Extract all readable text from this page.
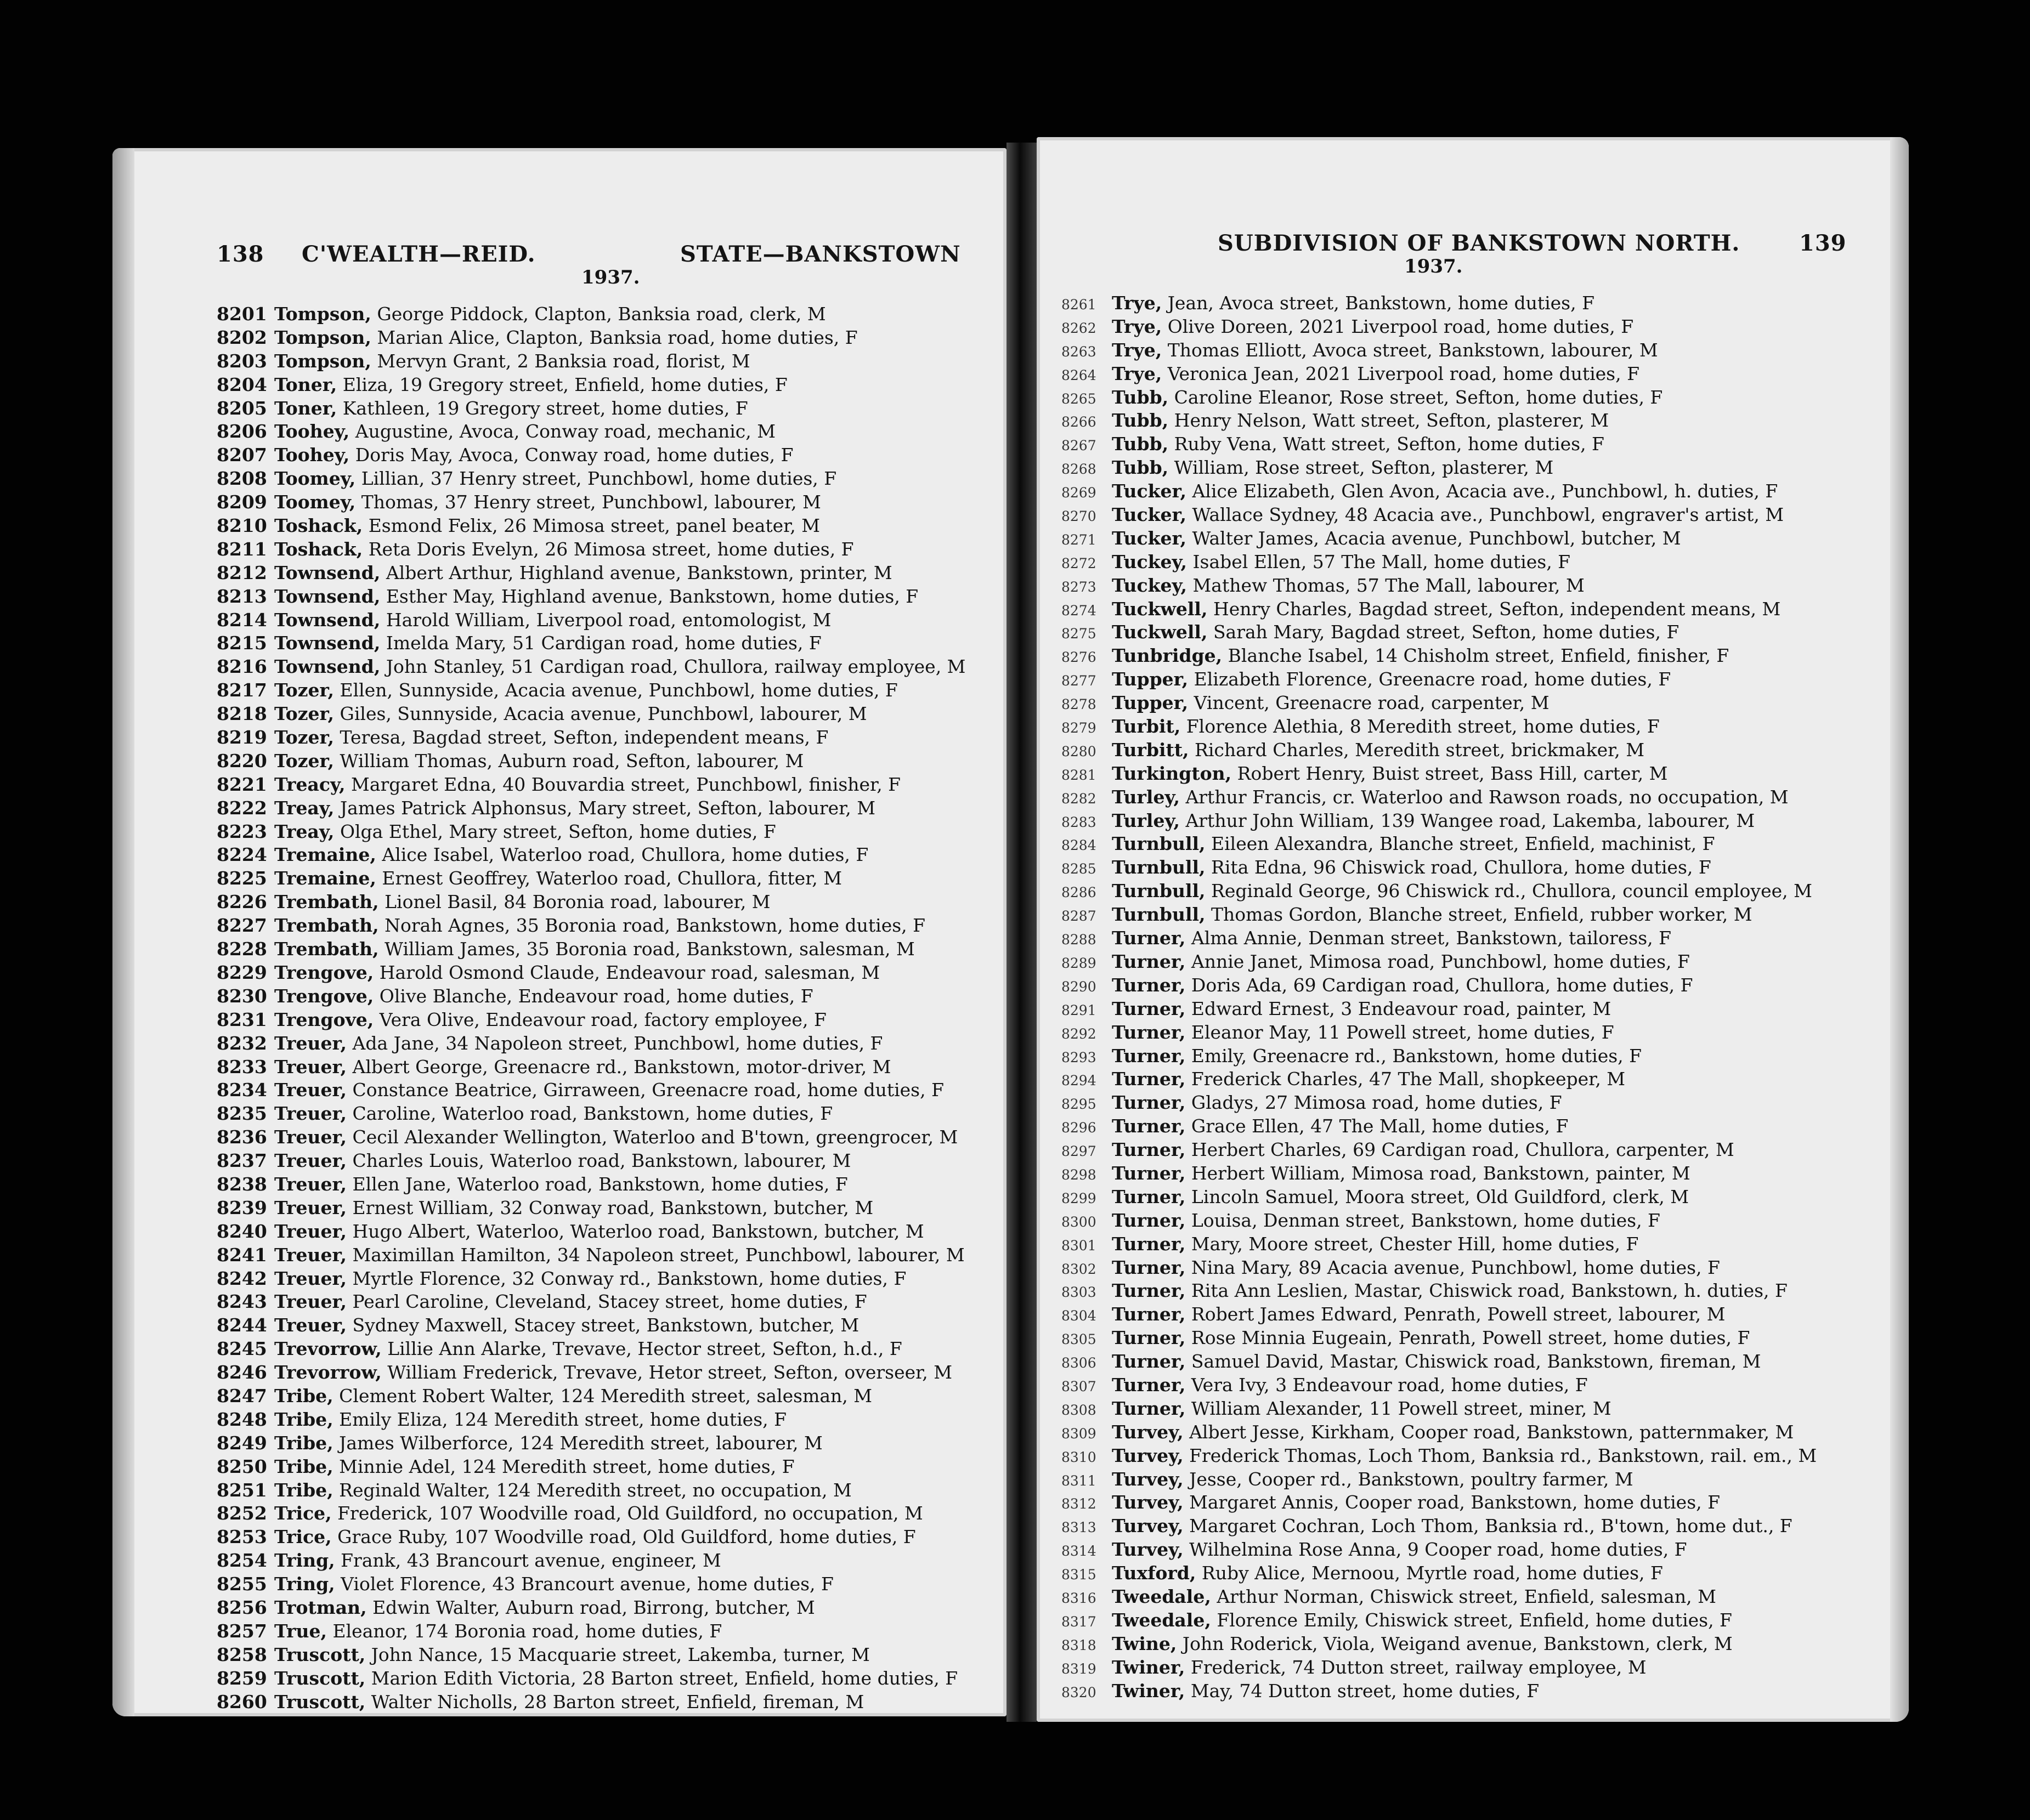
138 C'WEALTH—REID.	STATE—BANKSTOWN
1937.
8201 Tompson, George Piddock, Clapton, Banksia road, clerk, M
8202 Tompson, Marian Alice, Clapton, Banksia road, home duties, F
8203 Tompson, Mervyn Grant, 2 Banksia road, florist, M
8204 Toner, Eliza, 19 Gregory street, Enfield, home duties, F
8205 Toner, Kathleen, 19 Gregory street, home duties, F
8206 Toohey, Augustine, Avoca, Conway road, mechanic, M
8207 Toohey, Doris May, Avoca, Conway road, home duties, F
8208 Toomey, Lillian, 37 Henry street, Punchbowl, home duties, F
8209 Toomey, Thomas, 37 Henry street, Punchbowl, labourer, M
8210 Toshack, Esmond Felix, 26 Mimosa street, panel beater, M
8211 Toshack, Reta Doris Evelyn, 26 Mimosa street, home duties, F
8212 Townsend, Albert Arthur, Highland avenue, Bankstown, printer, M
8213 Townsend, Esther May, Highland avenue, Bankstown, home duties, F
8214 Townsend, Harold William, Liverpool road, entomologist, M
8215 Townsend, Imelda Mary, 51 Cardigan road, home duties, F
8216 Townsend, John Stanley, 51 Cardigan road, Chullora, railway employee, M
8217 Tozer, Ellen, Sunnyside, Acacia avenue, Punchbowl, home duties, F
8218 Tozer, Giles, Sunnyside, Acacia avenue, Punchbowl, labourer, M
8219 Tozer, Teresa, Bagdad street, Sefton, independent means, F
8220 Tozer, William Thomas, Auburn road, Sefton, labourer, M
8221 Treacy, Margaret Edna, 40 Bouvardia street, Punchbowl, finisher, F
8222 Treay, James Patrick Alphonsus, Mary street, Sefton, labourer, M
8223 Treay, Olga Ethel, Mary street, Sefton, home duties, F
8224 Tremaine, Alice Isabel, Waterloo road, Chullora, home duties, F
8225 Tremaine, Ernest Geoffrey, Waterloo road, Chullora, fitter, M
8226 Trembath, Lionel Basil, 84 Boronia road, labourer, M
8227 Trembath, Norah Agnes, 35 Boronia road, Bankstown, home duties, F
8228 Trembath, William James, 35 Boronia road, Bankstown, salesman, M
8229 Trengove, Harold Osmond Claude, Endeavour road, salesman, M
8230 Trengove, Olive Blanche, Endeavour road, home duties, F
8231 Trengove, Vera Olive, Endeavour road, factory employee, F
8232 Treuer, Ada Jane, 34 Napoleon street, Punchbowl, home duties, F
8233 Treuer, Albert George, Greenacre rd., Bankstown, motor-driver, M
8234 Treuer, Constance Beatrice, Girraween, Greenacre road, home duties, F
8235 Treuer, Caroline, Waterloo road, Bankstown, home duties, F
8236 Treuer, Cecil Alexander Wellington, Waterloo and B'town, greengrocer, M
8237 Treuer, Charles Louis, Waterloo road, Bankstown, labourer, M
8238 Treuer, Ellen Jane, Waterloo road, Bankstown, home duties, F
8239 Treuer, Ernest William, 32 Conway road, Bankstown, butcher, M
8240 Treuer, Hugo Albert, Waterloo, Waterloo road, Bankstown, butcher, M
8241 Treuer, Maximillan Hamilton, 34 Napoleon street, Punchbowl, labourer, M
8242 Treuer, Myrtle Florence, 32 Conway rd., Bankstown, home duties, F
8243 Treuer, Pearl Caroline, Cleveland, Stacey street, home duties, F
8244 Treuer, Sydney Maxwell, Stacey street, Bankstown, butcher, M
8245 Trevorrow, Lillie Ann Alarke, Trevave, Hector street, Sefton, h.d., F
8246 Trevorrow, William Frederick, Trevave, Hetor street, Sefton, overseer, M
8247 Tribe, Clement Robert Walter, 124 Meredith street, salesman, M
8248 Tribe, Emily Eliza, 124 Meredith street, home duties, F
8249 Tribe, James Wilberforce, 124 Meredith street, labourer, M
8250 Tribe, Minnie Adel, 124 Meredith street, home duties, F
8251 Tribe, Reginald Walter, 124 Meredith street, no occupation, M
8252 Trice, Frederick, 107 Woodville road, Old Guildford, no occupation, M
8253 Trice, Grace Ruby, 107 Woodville road, Old Guildford, home duties, F
8254 Tring, Frank, 43 Brancourt avenue, engineer, M
8255 Tring, Violet Florence, 43 Brancourt avenue, home duties, F
8256 Trotman, Edwin Walter, Auburn road, Birrong, butcher, M
8257 True, Eleanor, 174 Boronia road, home duties, F
8258 Truscott, John Nance, 15 Macquarie street, Lakemba, turner, M
8259 Truscott, Marion Edith Victoria, 28 Barton street, Enfield, home duties, F
8260 Truscott, Walter Nicholls, 28 Barton street, Enfield, fireman, M
SUBDIVISION OF BANKSTOWN NORTH.	139
1937.
8261 Trye, Jean, Avoca street, Bankstown, home duties, F
8262 Trye, Olive Doreen, 2021 Liverpool road, home duties, F
8263 Trye, Thomas Elliott, Avoca street, Bankstown, labourer, M
8264 Trye, Veronica Jean, 2021 Liverpool road, home duties, F
8265 Tubb, Caroline Eleanor, Rose street, Sefton, home duties, F
8266 Tubb, Henry Nelson, Watt street, Sefton, plasterer, M
8267 Tubb, Ruby Vena, Watt street, Sefton, home duties, F
8268 Tubb, William, Rose street, Sefton, plasterer, M
8269 Tucker, Alice Elizabeth, Glen Avon, Acacia ave., Punchbowl, h. duties, F
8270 Tucker, Wallace Sydney, 48 Acacia ave., Punchbowl, engraver's artist, M
8271 Tucker, Walter James, Acacia avenue, Punchbowl, butcher, M
8272 Tuckey, Isabel Ellen, 57 The Mall, home duties, F
8273 Tuckey, Mathew Thomas, 57 The Mall, labourer, M
8274 Tuckwell, Henry Charles, Bagdad street, Sefton, independent means, M
8275 Tuckwell, Sarah Mary, Bagdad street, Sefton, home duties, F
8276 Tunbridge, Blanche Isabel, 14 Chisholm street, Enfield, finisher, F
8277 Tupper, Elizabeth Florence, Greenacre road, home duties, F
8278 Tupper, Vincent, Greenacre road, carpenter, M
8279 Turbit, Florence Alethia, 8 Meredith street, home duties, F
8280 Turbitt, Richard Charles, Meredith street, brickmaker, M
8281 Turkington, Robert Henry, Buist street, Bass Hill, carter, M
8282 Turley, Arthur Francis, cr. Waterloo and Rawson roads, no occupation, M
8283 Turley, Arthur John William, 139 Wangee road, Lakemba, labourer, M
8284 Turnbull, Eileen Alexandra, Blanche street, Enfield, machinist, F
8285 Turnbull, Rita Edna, 96 Chiswick road, Chullora, home duties, F
8286 Turnbull, Reginald George, 96 Chiswick rd., Chullora, council employee, M
8287 Turnbull, Thomas Gordon, Blanche street, Enfield, rubber worker, M
8288 Turner, Alma Annie, Denman street, Bankstown, tailoress, F
8289 Turner, Annie Janet, Mimosa road, Punchbowl, home duties, F
8290 Turner, Doris Ada, 69 Cardigan road, Chullora, home duties, F
8291 Turner, Edward Ernest, 3 Endeavour road, painter, M
8292 Turner, Eleanor May, 11 Powell street, home duties, F
8293 Turner, Emily, Greenacre rd., Bankstown, home duties, F
8294 Turner, Frederick Charles, 47 The Mall, shopkeeper, M
8295 Turner, Gladys, 27 Mimosa road, home duties, F
8296 Turner, Grace Ellen, 47 The Mall, home duties, F
8297 Turner, Herbert Charles, 69 Cardigan road, Chullora, carpenter, M
8298 Turner, Herbert William, Mimosa road, Bankstown, painter, M
8299 Turner, Lincoln Samuel, Moora street, Old Guildford, clerk, M
8300 Turner, Louisa, Denman street, Bankstown, home duties, F
8301 Turner, Mary, Moore street, Chester Hill, home duties, F
8302 Turner, Nina Mary, 89 Acacia avenue, Punchbowl, home duties, F
8303 Turner, Rita Ann Leslien, Mastar, Chiswick road, Bankstown, h. duties, F
8304 Turner, Robert James Edward, Penrath, Powell street, labourer, M
8305 Turner, Rose Minnia Eugeain, Penrath, Powell street, home duties, F
8306 Turner, Samuel David, Mastar, Chiswick road, Bankstown, fireman, M
8307 Turner, Vera Ivy, 3 Endeavour road, home duties, F
8308 Turner, William Alexander, 11 Powell street, miner, M
8309 Turvey, Albert Jesse, Kirkham, Cooper road, Bankstown, patternmaker, M
8310 Turvey, Frederick Thomas, Loch Thom, Banksia rd., Bankstown, rail. em., M
8311 Turvey, Jesse, Cooper rd., Bankstown, poultry farmer, M
8312 Turvey, Margaret Annis, Cooper road, Bankstown, home duties, F
8313 Turvey, Margaret Cochran, Loch Thom, Banksia rd., B'town, home dut., F
8314 Turvey, Wilhelmina Rose Anna, 9 Cooper road, home duties, F
8315 Tuxford, Ruby Alice, Mernoou, Myrtle road, home duties, F
8316 Tweedale, Arthur Norman, Chiswick street, Enfield, salesman, M
8317 Tweedale, Florence Emily, Chiswick street, Enfield, home duties, F
8318 Twine, John Roderick, Viola, Weigand avenue, Bankstown, clerk, M
8319 Twiner, Frederick, 74 Dutton street, railway employee, M
8320 Twiner, May, 74 Dutton street, home duties, F
